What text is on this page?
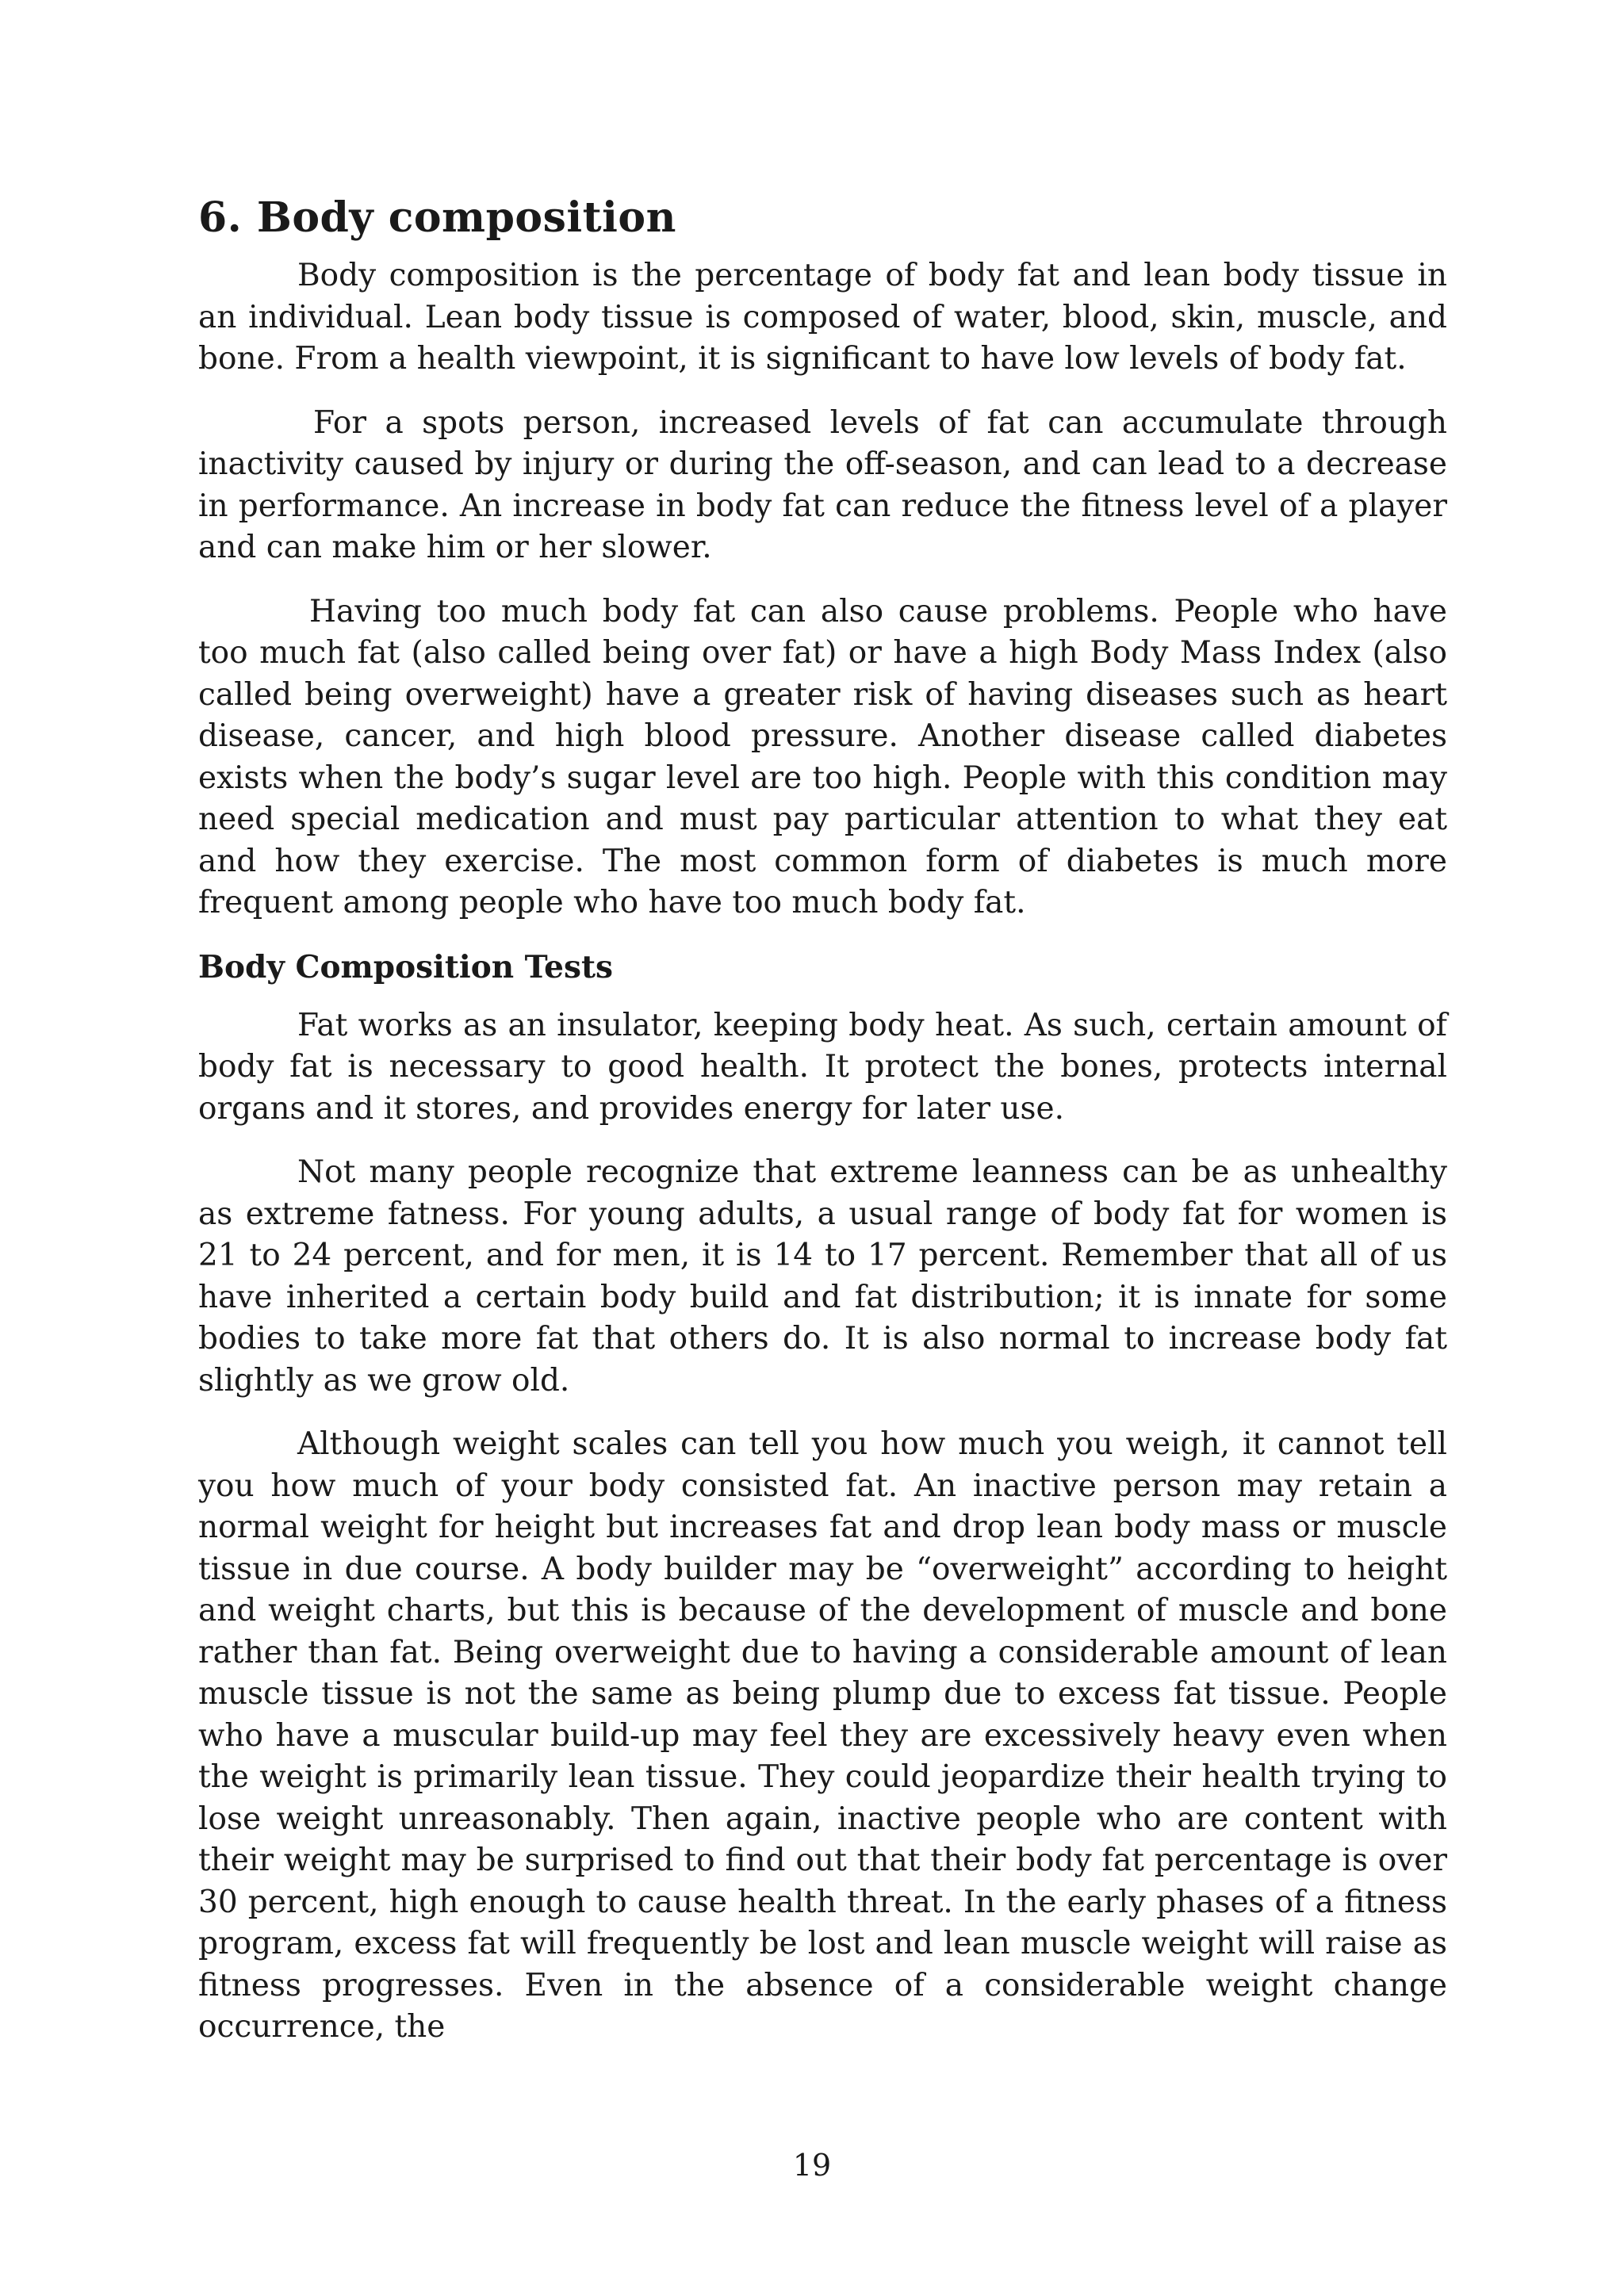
6. Body composition

Body composition is the percentage of body fat and lean body tissue in an individual. Lean body tissue is composed of water, blood, skin, muscle, and bone. From a health viewpoint, it is significant to have low levels of body fat.

For a spots person, increased levels of fat can accumulate through inactivity caused by injury or during the off-season, and can lead to a decrease in performance. An increase in body fat can reduce the fitness level of a player and can make him or her slower.

Having too much body fat can also cause problems. People who have too much fat (also called being over fat) or have a high Body Mass Index (also called being overweight) have a greater risk of having diseases such as heart disease, cancer, and high blood pressure. Another disease called diabetes exists when the body’s sugar level are too high. People with this condition may need special medication and must pay particular attention to what they eat and how they exercise. The most common form of diabetes is much more frequent among people who have too much body fat.

Body Composition Tests

Fat works as an insulator, keeping body heat. As such, certain amount of body fat is necessary to good health. It protect the bones, protects internal organs and it stores, and provides energy for later use.

Not many people recognize that extreme leanness can be as unhealthy as extreme fatness. For young adults, a usual range of body fat for women is 21 to 24 percent, and for men, it is 14 to 17 percent. Remember that all of us have inherited a certain body build and fat distribution; it is innate for some bodies to take more fat that others do. It is also normal to increase body fat slightly as we grow old.

Although weight scales can tell you how much you weigh, it cannot tell you how much of your body consisted fat. An inactive person may retain a normal weight for height but increases fat and drop lean body mass or muscle tissue in due course. A body builder may be “overweight” according to height and weight charts, but this is because of the development of muscle and bone rather than fat. Being overweight due to having a considerable amount of lean muscle tissue is not the same as being plump due to excess fat tissue. People who have a muscular build-up may feel they are excessively heavy even when the weight is primarily lean tissue. They could jeopardize their health trying to lose weight unreasonably. Then again, inactive people who are content with their weight may be surprised to find out that their body fat percentage is over 30 percent, high enough to cause health threat. In the early phases of a fitness program, excess fat will frequently be lost and lean muscle weight will raise as fitness progresses. Even in the absence of a considerable weight change occurrence, the

19
